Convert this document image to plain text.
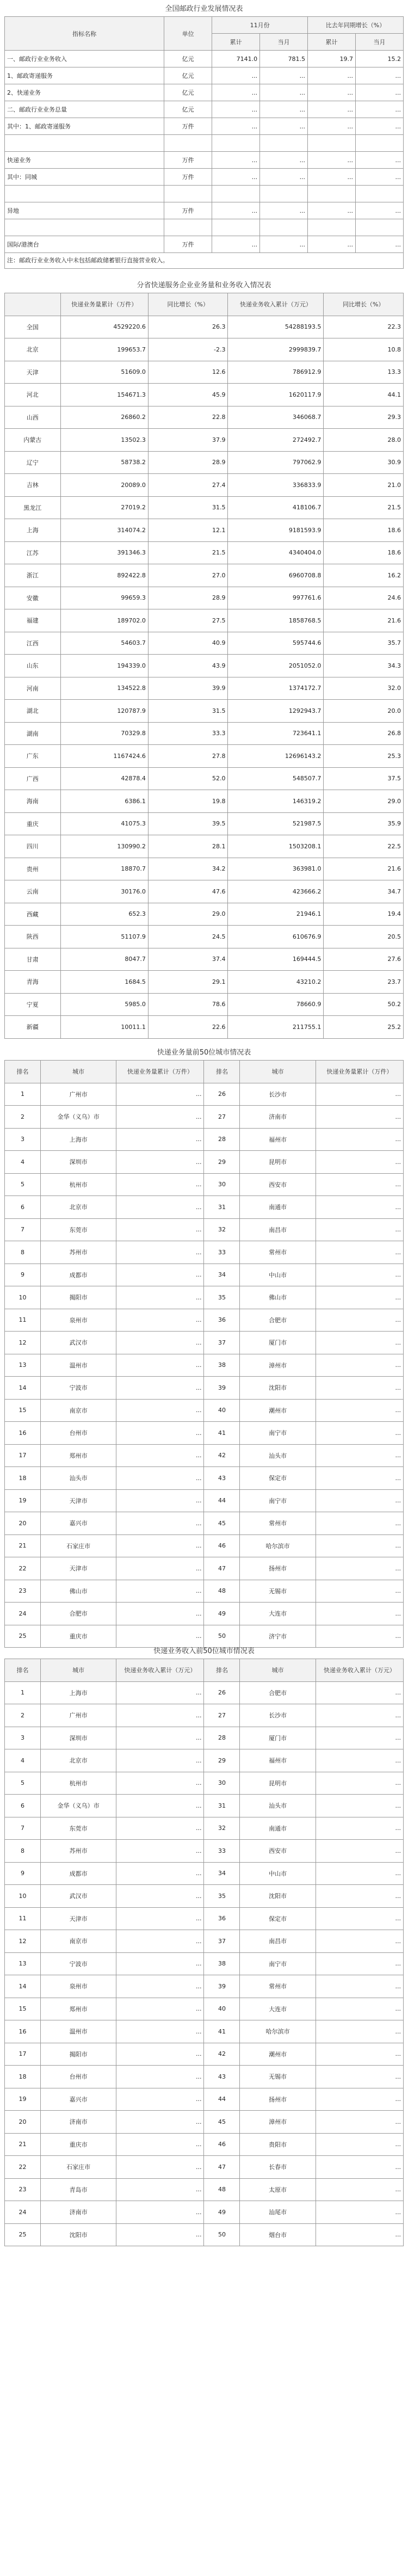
全国邮政行业发展情况表
指标名称	单位	11月份		比去年同期增长（%）	
		累计	当月	累计	当月
一、邮政行业业务收入	亿元	7141.0	781.5	19.7	15.2
1、邮政寄递服务	亿元	...	...	...	...
2、快递业务	亿元	...	...	...	...
二、邮政行业业务总量	亿元	...	...	...	...
其中：1、邮政寄递服务	万件	...	...	...	...

快递业务	万件	...	...	...	...
其中：同城	万件	...	...	...	...

异地	万件	...	...	...	...

国际/港澳台	万件	...	...	...	...
注：邮政行业业务收入中未包括邮政储蓄银行直接营业收入。
分省快递服务企业业务量和业务收入情况表
	快递业务量累计（万件）	同比增长（%）	快递业务收入累计（万元）	同比增长（%）
全国	4529220.6	26.3	54288193.5	22.3
北京	199653.7	-2.3	2999839.7	10.8
天津	51609.0	12.6	786912.9	13.3
河北	154671.3	45.9	1620117.9	44.1
山西	26860.2	22.8	346068.7	29.3
内蒙古	13502.3	37.9	272492.7	28.0
辽宁	58738.2	28.9	797062.9	30.9
吉林	20089.0	27.4	336833.9	21.0
黑龙江	27019.2	31.5	418106.7	21.5
上海	314074.2	12.1	9181593.9	18.6
江苏	391346.3	21.5	4340404.0	18.6
浙江	892422.8	27.0	6960708.8	16.2
安徽	99659.3	28.9	997761.6	24.6
福建	189702.0	27.5	1858768.5	21.6
江西	54603.7	40.9	595744.6	35.7
山东	194339.0	43.9	2051052.0	34.3
河南	134522.8	39.9	1374172.7	32.0
湖北	120787.9	31.5	1292943.7	20.0
湖南	70329.8	33.3	723641.1	26.8
广东	1167424.6	27.8	12696143.2	25.3
广西	42878.4	52.0	548507.7	37.5
海南	6386.1	19.8	146319.2	29.0
重庆	41075.3	39.5	521987.5	35.9
四川	130990.2	28.1	1503208.1	22.5
贵州	18870.7	34.2	363981.0	21.6
云南	30176.0	47.6	423666.2	34.7
西藏	652.3	29.0	21946.1	19.4
陕西	51107.9	24.5	610676.9	20.5
甘肃	8047.7	37.4	169444.5	27.6
青海	1684.5	29.1	43210.2	23.7
宁夏	5985.0	78.6	78660.9	50.2
新疆	10011.1	22.6	211755.1	25.2
快递业务量前50位城市情况表
排名	城市	快递业务量累计（万件）	排名	城市	快递业务量累计（万件）
1	广州市	...	26	长沙市	...
2	金华（义乌）市	...	27	济南市	...
3	上海市	...	28	福州市	...
4	深圳市	...	29	昆明市	...
5	杭州市	...	30	西安市	...
6	北京市	...	31	南通市	...
7	东莞市	...	32	南昌市	...
8	苏州市	...	33	常州市	...
9	成都市	...	34	中山市	...
10	揭阳市	...	35	佛山市	...
11	泉州市	...	36	合肥市	...
12	武汉市	...	37	厦门市	...
13	温州市	...	38	漳州市	...
14	宁波市	...	39	沈阳市	...
15	南京市	...	40	潮州市	...
16	台州市	...	41	南宁市	...
17	郑州市	...	42	汕头市	...
18	汕头市	...	43	保定市	...
19	天津市	...	44	南宁市	...
20	嘉兴市	...	45	常州市	...
21	石家庄市	...	46	哈尔滨市	...
22	天津市	...	47	扬州市	...
23	佛山市	...	48	无锡市	...
24	合肥市	...	49	大连市	...
25	重庆市	...	50	济宁市	...
快递业务收入前50位城市情况表
排名	城市	快递业务收入累计（万元）	排名	城市	快递业务收入累计（万元）
1	上海市	...	26	合肥市	...
2	广州市	...	27	长沙市	...
3	深圳市	...	28	厦门市	...
4	北京市	...	29	福州市	...
5	杭州市	...	30	昆明市	...
6	金华（义乌）市	...	31	汕头市	...
7	东莞市	...	32	南通市	...
8	苏州市	...	33	西安市	...
9	成都市	...	34	中山市	...
10	武汉市	...	35	沈阳市	...
11	天津市	...	36	保定市	...
12	南京市	...	37	南昌市	...
13	宁波市	...	38	南宁市	...
14	泉州市	...	39	常州市	...
15	郑州市	...	40	大连市	...
16	温州市	...	41	哈尔滨市	...
17	揭阳市	...	42	潮州市	...
18	台州市	...	43	无锡市	...
19	嘉兴市	...	44	扬州市	...
20	济南市	...	45	漳州市	...
21	重庆市	...	46	贵阳市	...
22	石家庄市	...	47	长春市	...
23	青岛市	...	48	太原市	...
24	济南市	...	49	汕尾市	...
25	沈阳市	...	50	烟台市	...
